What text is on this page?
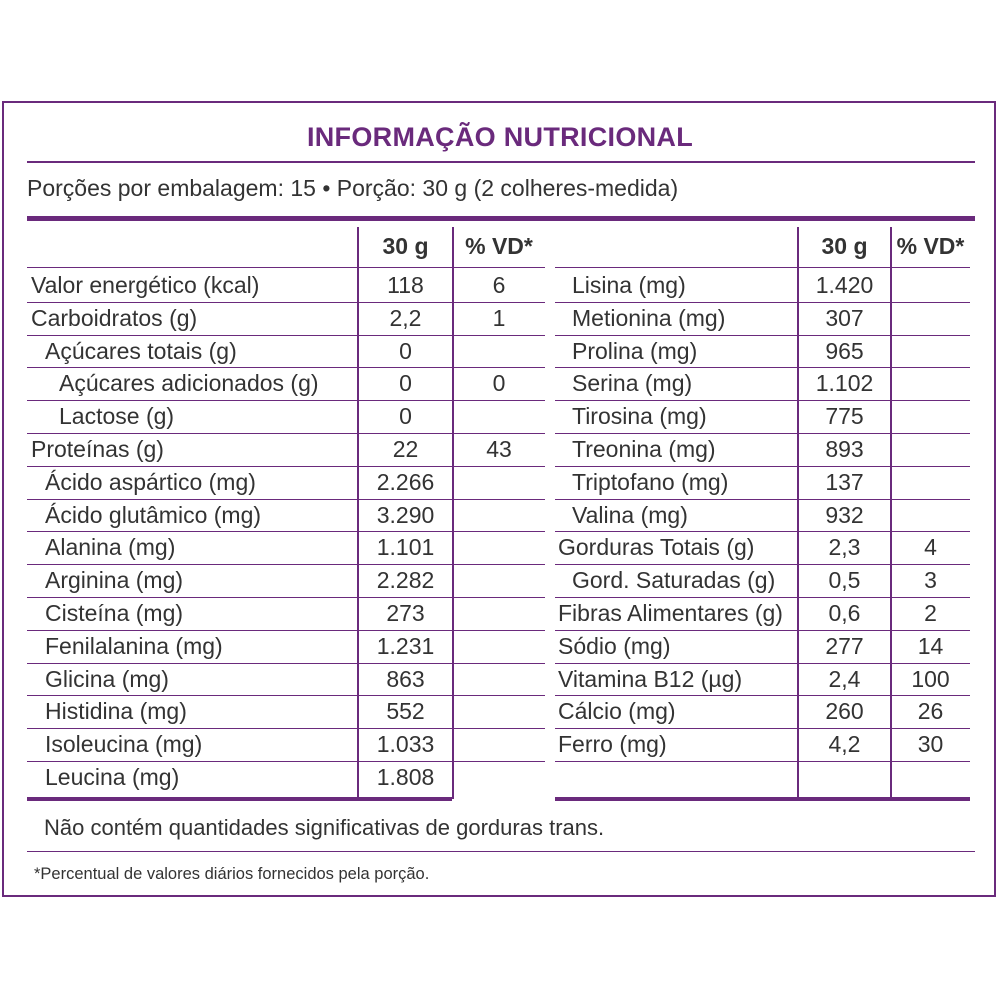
INFORMAÇÃO NUTRICIONAL
Porções por embalagem: 15 • Porção: 30 g (2 colheres-medida)
30 g	% VD*
Valor energético (kcal)	118	6
Carboidratos (g)	2,2	1
Açúcares totais (g)	0
Açúcares adicionados (g)	0	0
Lactose (g)	0
Proteínas (g)	22	43
Ácido aspártico (mg)	2.266
Ácido glutâmico (mg)	3.290
Alanina (mg)	1.101
Arginina (mg)	2.282
Cisteína (mg)	273
Fenilalanina (mg)	1.231
Glicina (mg)	863
Histidina (mg)	552
Isoleucina (mg)	1.033
Leucina (mg)	1.808
30 g	% VD*
Lisina (mg)	1.420
Metionina (mg)	307
Prolina (mg)	965
Serina (mg)	1.102
Tirosina (mg)	775
Treonina (mg)	893
Triptofano (mg)	137
Valina (mg)	932
Gorduras Totais (g)	2,3	4
Gord. Saturadas (g)	0,5	3
Fibras Alimentares (g)	0,6	2
Sódio (mg)	277	14
Vitamina B12 (µg)	2,4	100
Cálcio (mg)	260	26
Ferro (mg)	4,2	30
Não contém quantidades significativas de gorduras trans.
*Percentual de valores diários fornecidos pela porção.
